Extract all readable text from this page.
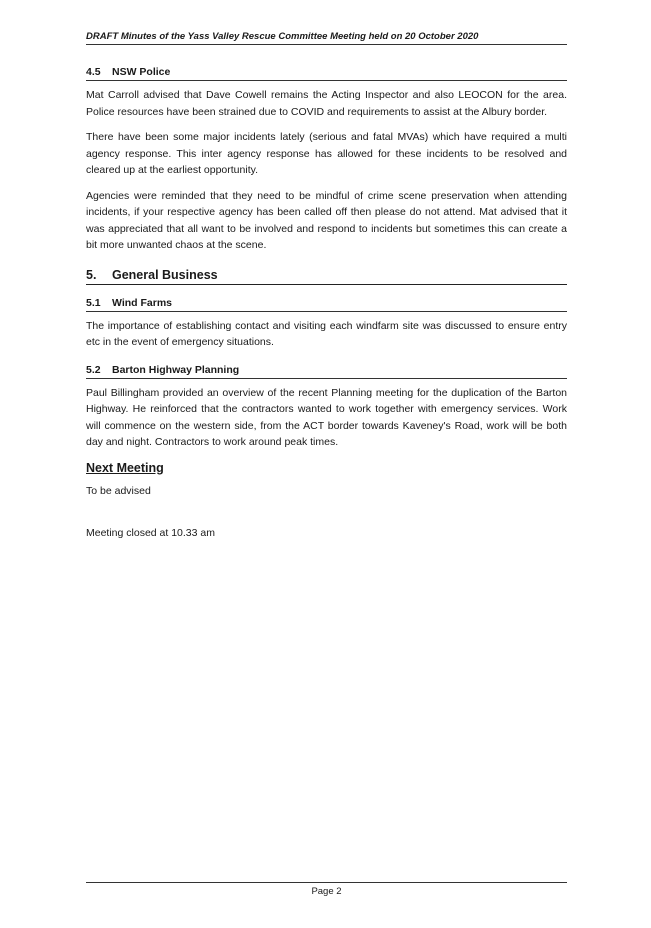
DRAFT Minutes of the Yass Valley Rescue Committee Meeting held on 20 October 2020
4.5 NSW Police

Mat Carroll advised that Dave Cowell remains the Acting Inspector and also LEOCON for the area. Police resources have been strained due to COVID and requirements to assist at the Albury border.

There have been some major incidents lately (serious and fatal MVAs) which have required a multi agency response. This inter agency response has allowed for these incidents to be resolved and cleared up at the earliest opportunity.

Agencies were reminded that they need to be mindful of crime scene preservation when attending incidents, if your respective agency has been called off then please do not attend. Mat advised that it was appreciated that all want to be involved and respond to incidents but sometimes this can create a bit more unwanted chaos at the scene.

5. General Business
5.1 Wind Farms

The importance of establishing contact and visiting each windfarm site was discussed to ensure entry etc in the event of emergency situations.

5.2 Barton Highway Planning

Paul Billingham provided an overview of the recent Planning meeting for the duplication of the Barton Highway. He reinforced that the contractors wanted to work together with emergency services. Work will commence on the western side, from the ACT border towards Kaveney's Road, work will be both day and night. Contractors to work around peak times.

Next Meeting

To be advised

Meeting closed at 10.33 am

Page 2
